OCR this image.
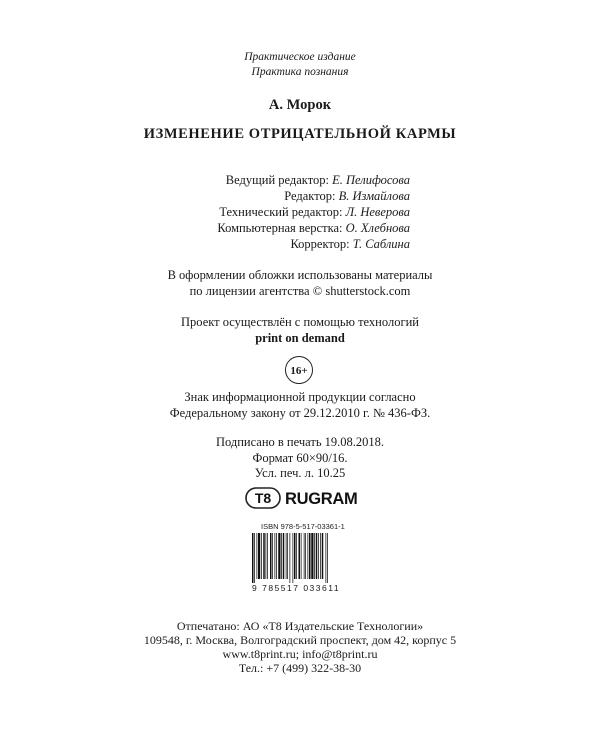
Практическое издание
Практика познания
А. Морок
ИЗМЕНЕНИЕ ОТРИЦАТЕЛЬНОЙ КАРМЫ
Ведущий редактор: Е. Пелифосова
Редактор: В. Измайлова
Технический редактор: Л. Неверова
Компьютерная верстка: О. Хлебнова
Корректор: Т. Саблина
В оформлении обложки использованы материалы
по лицензии агентства © shutterstock.com
Проект осуществлён с помощью технологий
print on demand
16+
Знак информационной продукции согласно
Федеральному закону от 29.12.2010 г. № 436-ФЗ.
Подписано в печать 19.08.2018.
Формат 60×90/16.
Усл. печ. л. 10.25
T8 RUGRAM
ISBN 978-5-517-03361-1
9 785517 033611
Отпечатано: АО «Т8 Издательские Технологии»
109548, г. Москва, Волгоградский проспект, дом 42, корпус 5
www.t8print.ru; info@t8print.ru
Тел.: +7 (499) 322-38-30
